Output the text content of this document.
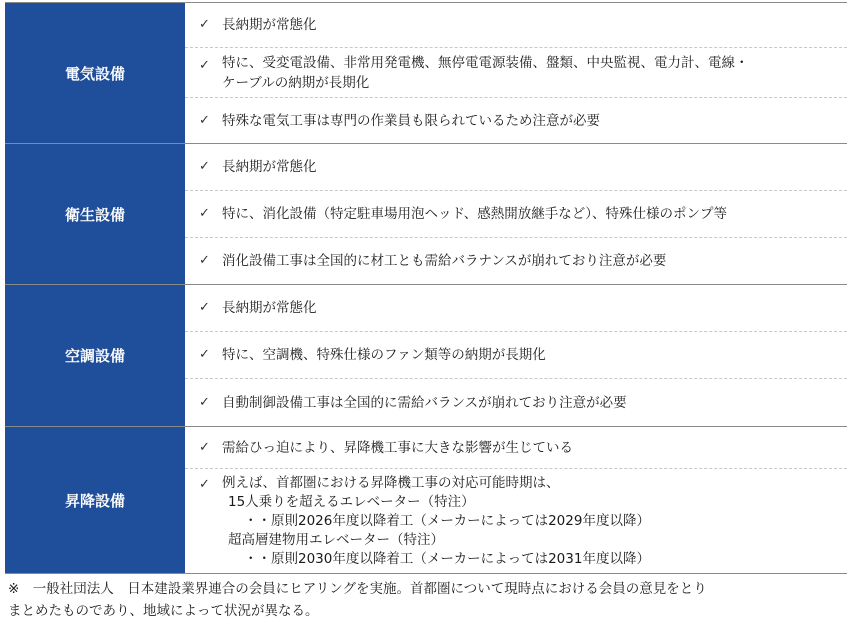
電気設備
✓ 長納期が常態化
✓ 特に、受変電設備、非常用発電機、無停電電源装備、盤類、中央監視、電力計、電線・
ケーブルの納期が長期化
✓ 特殊な電気工事は専門の作業員も限られているため注意が必要
衛生設備
✓ 長納期が常態化
✓ 特に、消化設備（特定駐車場用泡ヘッド、感熱開放継手など）、特殊仕様のポンプ等
✓ 消化設備工事は全国的に材工とも需給バラナンスが崩れており注意が必要
空調設備
✓ 長納期が常態化
✓ 特に、空調機、特殊仕様のファン類等の納期が長期化
✓ 自動制御設備工事は全国的に需給バランスが崩れており注意が必要
昇降設備
✓ 需給ひっ迫により、昇降機工事に大きな影響が生じている
✓ 例えば、首都圏における昇降機工事の対応可能時期は、
15人乗りを超えるエレベーター（特注）
・・原則2026年度以降着工（メーカーによっては2029年度以降）
超高層建物用エレベーター（特注）
・・原則2030年度以降着工（メーカーによっては2031年度以降）
※　一般社団法人　日本建設業界連合の会員にヒアリングを実施。首都圏について現時点における会員の意見をとり
まとめたものであり、地域によって状況が異なる。
